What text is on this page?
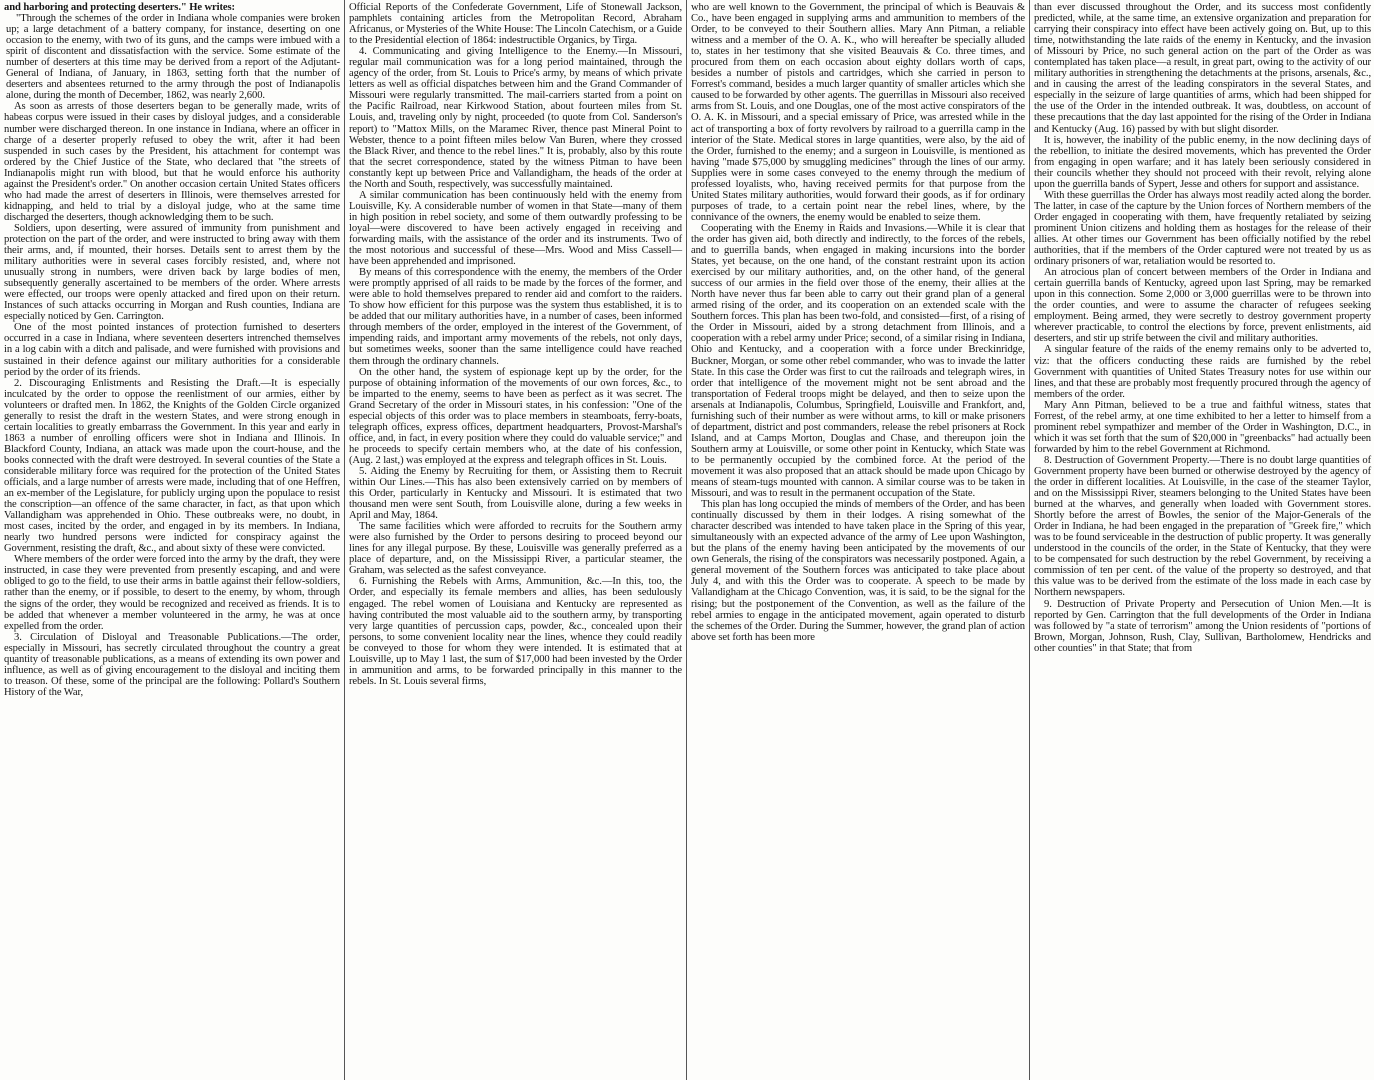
and harboring and protecting deserters." He writes:

"Through the schemes of the order in Indiana whole companies were broken up; a large detachment of a battery company, for instance, deserting on one occasion to the enemy, with two of its guns, and the camps were imbued with a spirit of discontent and dissatisfaction with the service. Some estimate of the number of deserters at this time may be derived from a report of the Adjutant-General of Indiana, of January, in 1863, setting forth that the number of deserters and absentees returned to the army through the post of Indianapolis alone, during the month of December, 1862, was nearly 2,600.

As soon as arrests of those deserters began to be generally made, writs of habeas corpus were issued in their cases by disloyal judges, and a considerable number were discharged thereon. In one instance in Indiana, where an officer in charge of a deserter properly refused to obey the writ, after it had been suspended in such cases by the President, his attachment for contempt was ordered by the Chief Justice of the State, who declared that "the streets of Indianapolis might run with blood, but that he would enforce his authority against the President's order." On another occasion certain United States officers who had made the arrest of deserters in Illinois, were themselves arrested for kidnapping, and held to trial by a disloyal judge, who at the same time discharged the deserters, though acknowledging them to be such.

Soldiers, upon deserting, were assured of immunity from punishment and protection on the part of the order, and were instructed to bring away with them their arms, and, if mounted, their horses. Details sent to arrest them by the military authorities were in several cases forcibly resisted, and, where not unusually strong in numbers, were driven back by large bodies of men, subsequently generally ascertained to be members of the order. Where arrests were effected, our troops were openly attacked and fired upon on their return. Instances of such attacks occurring in Morgan and Rush counties, Indiana are especially noticed by Gen. Carrington.

One of the most pointed instances of protection furnished to deserters occurred in a case in Indiana, where seventeen deserters intrenched themselves in a log cabin with a ditch and palisade, and were furnished with provisions and sustained in their defence against our military authorities for a considerable period by the order of its friends.

2. Discouraging Enlistments and Resisting the Draft.—It is especially inculcated by the order to oppose the reenlistment of our armies, either by volunteers or drafted men. In 1862, the Knights of the Golden Circle organized generally to resist the draft in the western States, and were strong enough in certain localities to greatly embarrass the Government. In this year and early in 1863 a number of enrolling officers were shot in Indiana and Illinois. In Blackford County, Indiana, an attack was made upon the court-house, and the books connected with the draft were destroyed. In several counties of the State a considerable military force was required for the protection of the United States officials, and a large number of arrests were made, including that of one Heffren, an ex-member of the Legislature, for publicly urging upon the populace to resist the conscription—an offence of the same character, in fact, as that upon which Vallandigham was apprehended in Ohio. These outbreaks were, no doubt, in most cases, incited by the order, and engaged in by its members. In Indiana, nearly two hundred persons were indicted for conspiracy against the Government, resisting the draft, &c., and about sixty of these were convicted.

Where members of the order were forced into the army by the draft, they were instructed, in case they were prevented from presently escaping, and and were obliged to go to the field, to use their arms in battle against their fellow-soldiers, rather than the enemy, or if possible, to desert to the enemy, by whom, through the signs of the order, they would be recognized and received as friends. It is to be added that whenever a member volunteered in the army, he was at once expelled from the order.

3. Circulation of Disloyal and Treasonable Publications.—The order, especially in Missouri, has secretly circulated throughout the country a great quantity of treasonable publications, as a means of extending its own power and influence, as well as of giving encouragement to the disloyal and inciting them to treason. Of these, some of the principal are the following: Pollard's Southern History of the War,

Official Reports of the Confederate Government, Life of Stonewall Jackson, pamphlets containing articles from the Metropolitan Record, Abraham Africanus, or Mysteries of the White House: The Lincoln Catechism, or a Guide to the Presidential election of 1864: indestructible Organics, by Tirga.

4. Communicating and giving Intelligence to the Enemy.—In Missouri, regular mail communication was for a long period maintained, through the agency of the order, from St. Louis to Price's army, by means of which private letters as well as official dispatches between him and the Grand Commander of Missouri were regularly transmitted. The mail-carriers started from a point on the Pacific Railroad, near Kirkwood Station, about fourteen miles from St. Louis, and, traveling only by night, proceeded (to quote from Col. Sanderson's report) to "Mattox Mills, on the Maramec River, thence past Mineral Point to Webster, thence to a point fifteen miles below Van Buren, where they crossed the Black River, and thence to the rebel lines." It is, probably, also by this route that the secret correspondence, stated by the witness Pitman to have been constantly kept up between Price and Vallandigham, the heads of the order at the North and South, respectively, was successfully maintained.

A similar communication has been continuously held with the enemy from Louisville, Ky. A considerable number of women in that State—many of them in high position in rebel society, and some of them outwardly professing to be loyal—were discovered to have been actively engaged in receiving and forwarding mails, with the assistance of the order and its instruments. Two of the most notorious and successful of these—Mrs. Wood and Miss Cassell—have been apprehended and imprisoned.

By means of this correspondence with the enemy, the members of the Order were promptly apprised of all raids to be made by the forces of the former, and were able to hold themselves prepared to render aid and comfort to the raiders. To show how efficient for this purpose was the system thus established, it is to be added that our military authorities have, in a number of cases, been informed through members of the order, employed in the interest of the Government, of impending raids, and important army movements of the rebels, not only days, but sometimes weeks, sooner than the same intelligence could have reached them through the ordinary channels.

On the other hand, the system of espionage kept up by the order, for the purpose of obtaining information of the movements of our own forces, &c., to be imparted to the enemy, seems to have been as perfect as it was secret. The Grand Secretary of the order in Missouri states, in his confession: "One of the especial objects of this order was to place members in steamboats, ferry-boats, telegraph offices, express offices, department headquarters, Provost-Marshal's office, and, in fact, in every position where they could do valuable service;" and he proceeds to specify certain members who, at the date of his confession, (Aug. 2 last,) was employed at the express and telegraph offices in St. Louis.

5. Aiding the Enemy by Recruiting for them, or Assisting them to Recruit within Our Lines.—This has also been extensively carried on by members of this Order, particularly in Kentucky and Missouri. It is estimated that two thousand men were sent South, from Louisville alone, during a few weeks in April and May, 1864.

The same facilities which were afforded to recruits for the Southern army were also furnished by the Order to persons desiring to proceed beyond our lines for any illegal purpose. By these, Louisville was generally preferred as a place of departure, and, on the Mississippi River, a particular steamer, the Graham, was selected as the safest conveyance.

6. Furnishing the Rebels with Arms, Ammunition, &c.—In this, too, the Order, and especially its female members and allies, has been sedulously engaged. The rebel women of Louisiana and Kentucky are represented as having contributed the most valuable aid to the southern army, by transporting very large quantities of percussion caps, powder, &c., concealed upon their persons, to some convenient locality near the lines, whence they could readily be conveyed to those for whom they were intended. It is estimated that at Louisville, up to May 1 last, the sum of $17,000 had been invested by the Order in ammunition and arms, to be forwarded principally in this manner to the rebels. In St. Louis several firms,

who are well known to the Government, the principal of which is Beauvais & Co., have been engaged in supplying arms and ammunition to members of the Order, to be conveyed to their Southern allies. Mary Ann Pitman, a reliable witness and a member of the O. A. K., who will hereafter be specially alluded to, states in her testimony that she visited Beauvais & Co. three times, and procured from them on each occasion about eighty dollars worth of caps, besides a number of pistols and cartridges, which she carried in person to Forrest's command, besides a much larger quantity of smaller articles which she caused to be forwarded by other agents. The guerrillas in Missouri also received arms from St. Louis, and one Douglas, one of the most active conspirators of the O. A. K. in Missouri, and a special emissary of Price, was arrested while in the act of transporting a box of forty revolvers by railroad to a guerrilla camp in the interior of the State. Medical stores in large quantities, were also, by the aid of the Order, furnished to the enemy; and a surgeon in Louisville, is mentioned as having "made $75,000 by smuggling medicines" through the lines of our army. Supplies were in some cases conveyed to the enemy through the medium of professed loyalists, who, having received permits for that purpose from the United States military authorities, would forward their goods, as if for ordinary purposes of trade, to a certain point near the rebel lines, where, by the connivance of the owners, the enemy would be enabled to seize them.

Cooperating with the Enemy in Raids and Invasions.—While it is clear that the order has given aid, both directly and indirectly, to the forces of the rebels, and to guerrilla bands, when engaged in making incursions into the border States, yet because, on the one hand, of the constant restraint upon its action exercised by our military authorities, and, on the other hand, of the general success of our armies in the field over those of the enemy, their allies at the North have never thus far been able to carry out their grand plan of a general armed rising of the order, and its cooperation on an extended scale with the Southern forces. This plan has been two-fold, and consisted—first, of a rising of the Order in Missouri, aided by a strong detachment from Illinois, and a cooperation with a rebel army under Price; second, of a similar rising in Indiana, Ohio and Kentucky, and a cooperation with a force under Breckinridge, Buckner, Morgan, or some other rebel commander, who was to invade the latter State. In this case the Order was first to cut the railroads and telegraph wires, in order that intelligence of the movement might not be sent abroad and the transportation of Federal troops might be delayed, and then to seize upon the arsenals at Indianapolis, Columbus, Springfield, Louisville and Frankfort, and, furnishing such of their number as were without arms, to kill or make prisoners of department, district and post commanders, release the rebel prisoners at Rock Island, and at Camps Morton, Douglas and Chase, and thereupon join the Southern army at Louisville, or some other point in Kentucky, which State was to be permanently occupied by the combined force. At the period of the movement it was also proposed that an attack should be made upon Chicago by means of steam-tugs mounted with cannon. A similar course was to be taken in Missouri, and was to result in the permanent occupation of the State.

This plan has long occupied the minds of members of the Order, and has been continually discussed by them in their lodges. A rising somewhat of the character described was intended to have taken place in the Spring of this year, simultaneously with an expected advance of the army of Lee upon Washington, but the plans of the enemy having been anticipated by the movements of our own Generals, the rising of the conspirators was necessarily postponed. Again, a general movement of the Southern forces was anticipated to take place about July 4, and with this the Order was to cooperate. A speech to be made by Vallandigham at the Chicago Convention, was, it is said, to be the signal for the rising; but the postponement of the Convention, as well as the failure of the rebel armies to engage in the anticipated movement, again operated to disturb the schemes of the Order. During the Summer, however, the grand plan of action above set forth has been more

than ever discussed throughout the Order, and its success most confidently predicted, while, at the same time, an extensive organization and preparation for carrying their conspiracy into effect have been actively going on. But, up to this time, notwithstanding the late raids of the enemy in Kentucky, and the invasion of Missouri by Price, no such general action on the part of the Order as was contemplated has taken place—a result, in great part, owing to the activity of our military authorities in strengthening the detachments at the prisons, arsenals, &c., and in causing the arrest of the leading conspirators in the several States, and especially in the seizure of large quantities of arms, which had been shipped for the use of the Order in the intended outbreak. It was, doubtless, on account of these precautions that the day last appointed for the rising of the Order in Indiana and Kentucky (Aug. 16) passed by with but slight disorder.

It is, however, the inability of the public enemy, in the now declining days of the rebellion, to initiate the desired movements, which has prevented the Order from engaging in open warfare; and it has lately been seriously considered in their councils whether they should not proceed with their revolt, relying alone upon the guerrilla bands of Sypert, Jesse and others for support and assistance.

With these guerrillas the Order has always most readily acted along the border. The latter, in case of the capture by the Union forces of Northern members of the Order engaged in cooperating with them, have frequently retaliated by seizing prominent Union citizens and holding them as hostages for the release of their allies. At other times our Government has been officially notified by the rebel authorities, that if the members of the Order captured were not treated by us as ordinary prisoners of war, retaliation would be resorted to.

An atrocious plan of concert between members of the Order in Indiana and certain guerrilla bands of Kentucky, agreed upon last Spring, may be remarked upon in this connection. Some 2,000 or 3,000 guerrillas were to be thrown into the order counties, and were to assume the character of refugees seeking employment. Being armed, they were secretly to destroy government property wherever practicable, to control the elections by force, prevent enlistments, aid deserters, and stir up strife between the civil and military authorities.

A singular feature of the raids of the enemy remains only to be adverted to, viz: that the officers conducting these raids are furnished by the rebel Government with quantities of United States Treasury notes for use within our lines, and that these are probably most frequently procured through the agency of members of the order.

Mary Ann Pitman, believed to be a true and faithful witness, states that Forrest, of the rebel army, at one time exhibited to her a letter to himself from a prominent rebel sympathizer and member of the Order in Washington, D.C., in which it was set forth that the sum of $20,000 in "greenbacks" had actually been forwarded by him to the rebel Government at Richmond.

8. Destruction of Government Property.—There is no doubt large quantities of Government property have been burned or otherwise destroyed by the agency of the order in different localities. At Louisville, in the case of the steamer Taylor, and on the Mississippi River, steamers belonging to the United States have been burned at the wharves, and generally when loaded with Government stores. Shortly before the arrest of Bowles, the senior of the Major-Generals of the Order in Indiana, he had been engaged in the preparation of "Greek fire," which was to be found serviceable in the destruction of public property. It was generally understood in the councils of the order, in the State of Kentucky, that they were to be compensated for such destruction by the rebel Government, by receiving a commission of ten per cent. of the value of the property so destroyed, and that this value was to be derived from the estimate of the loss made in each case by Northern newspapers.

9. Destruction of Private Property and Persecution of Union Men.—It is reported by Gen. Carrington that the full developments of the Order in Indiana was followed by "a state of terrorism" among the Union residents of "portions of Brown, Morgan, Johnson, Rush, Clay, Sullivan, Bartholomew, Hendricks and other counties" in that State; that from
